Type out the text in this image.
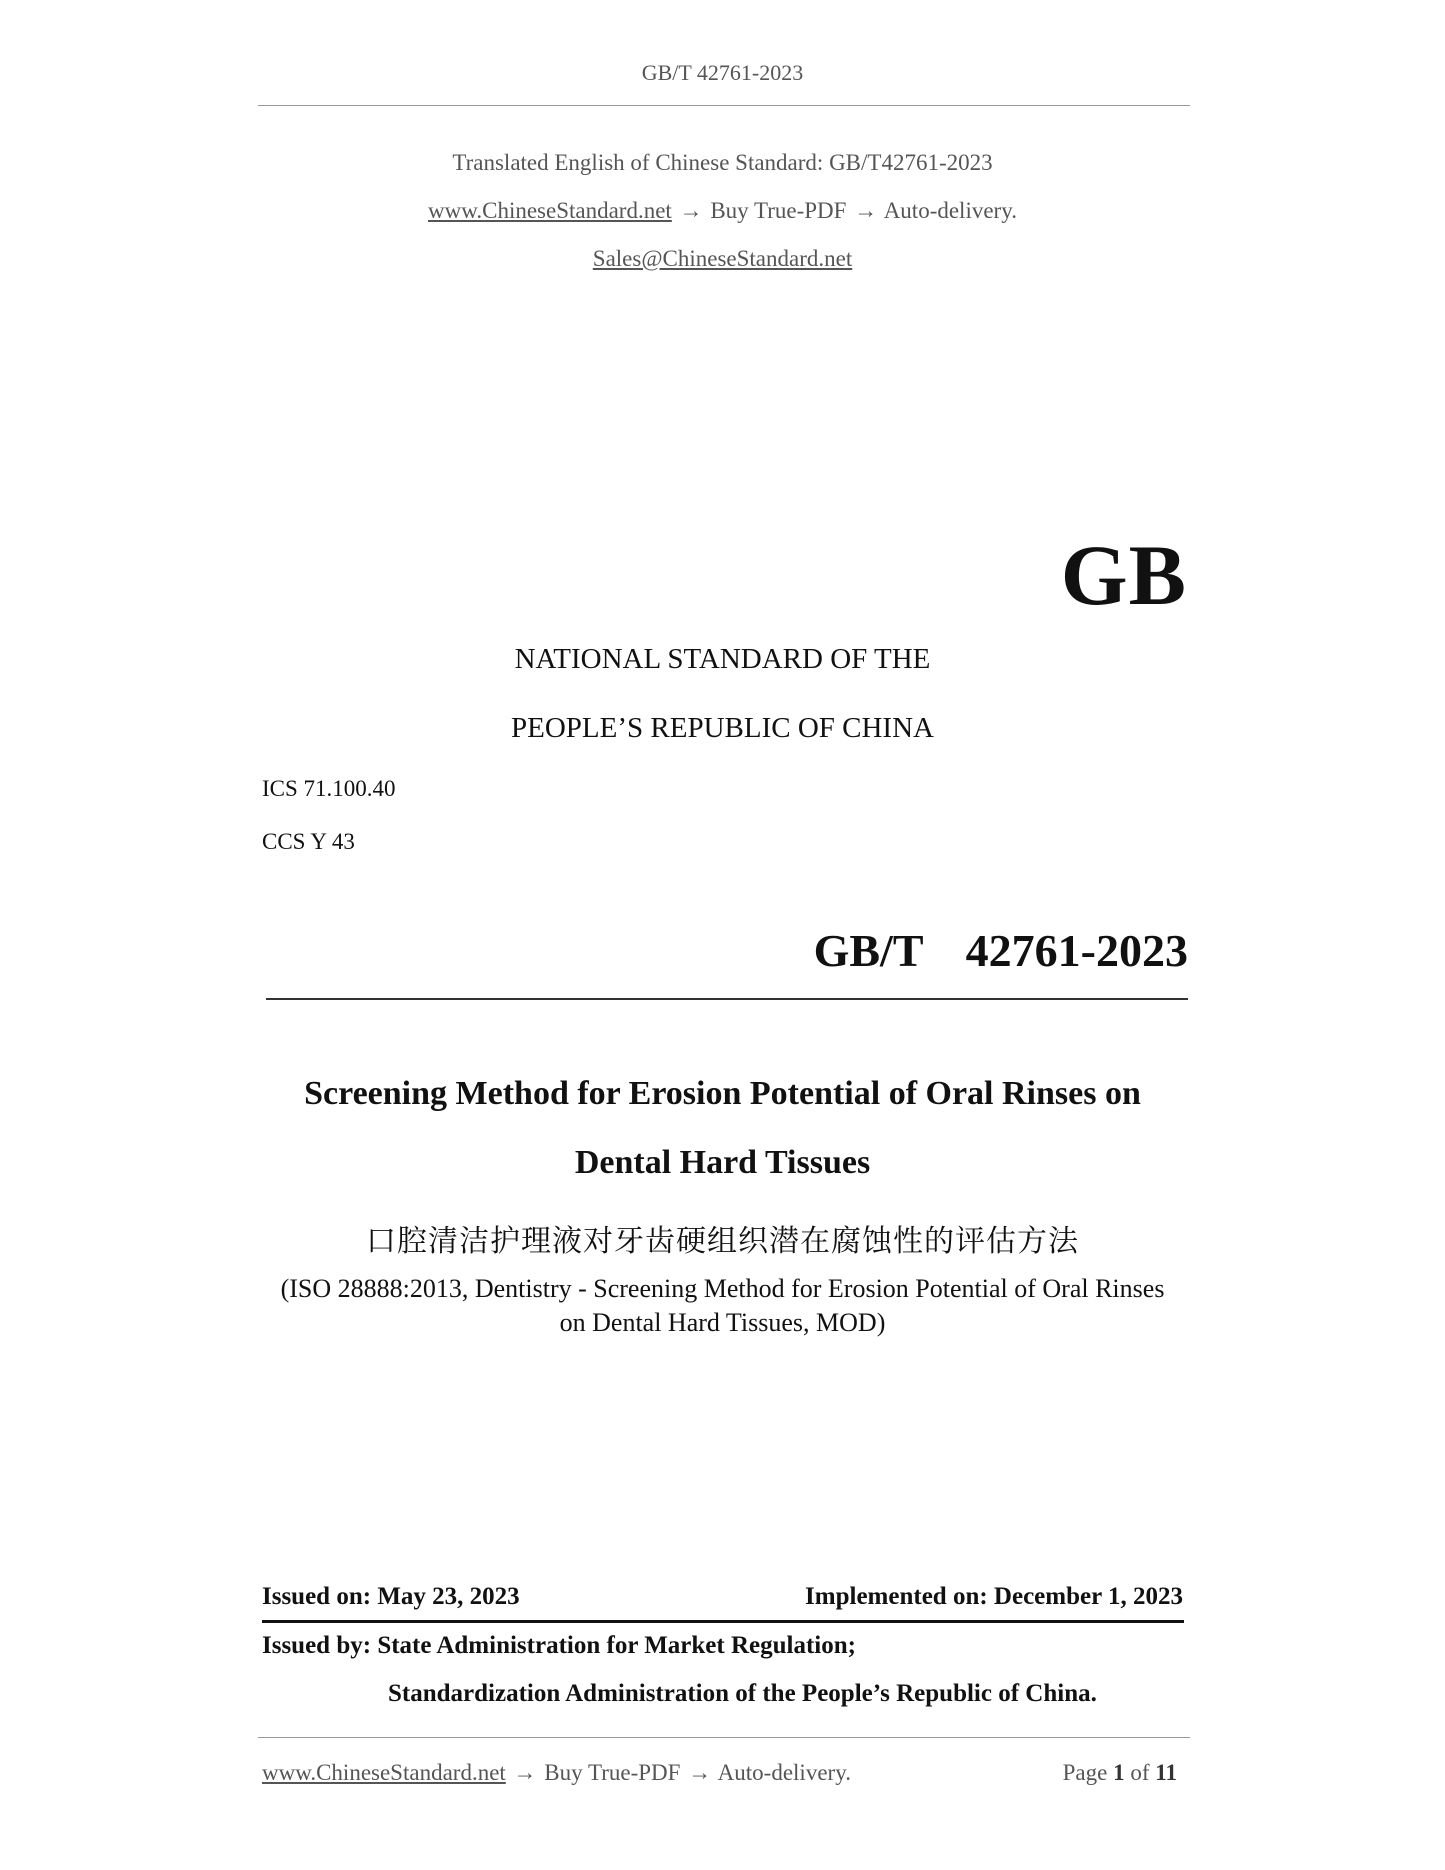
GB/T 42761-2023
Translated English of Chinese Standard: GB/T42761-2023
www.ChineseStandard.net → Buy True-PDF → Auto-delivery.
Sales@ChineseStandard.net
GB
NATIONAL STANDARD OF THE
PEOPLE’S REPUBLIC OF CHINA
ICS 71.100.40
CCS Y 43
GB/T  42761-2023
Screening Method for Erosion Potential of Oral Rinses on
Dental Hard Tissues
口腔清洁护理液对牙齿硬组织潜在腐蚀性的评估方法
(ISO 28888:2013, Dentistry - Screening Method for Erosion Potential of Oral Rinses
on Dental Hard Tissues, MOD)
Issued on: May 23, 2023	Implemented on: December 1, 2023
Issued by: State Administration for Market Regulation;
Standardization Administration of the People’s Republic of China.
www.ChineseStandard.net → Buy True-PDF → Auto-delivery.	Page 1 of 11
